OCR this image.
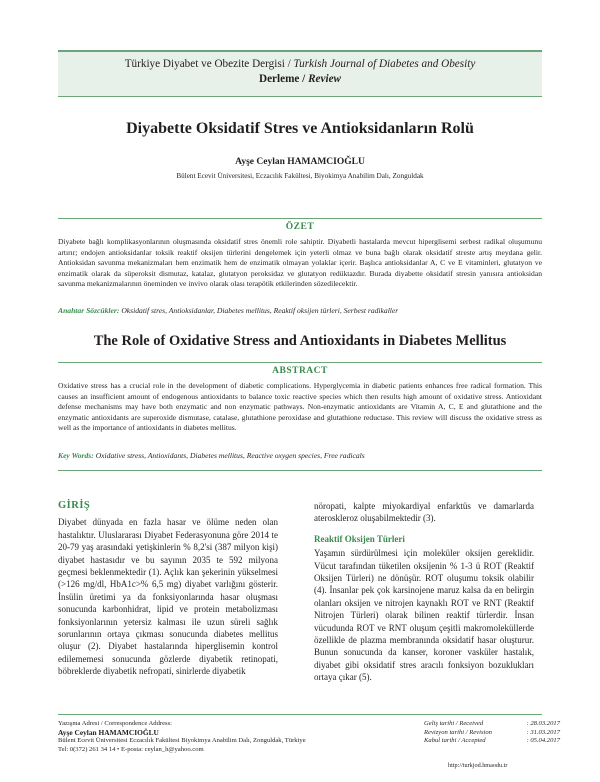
Türkiye Diyabet ve Obezite Dergisi / Turkish Journal of Diabetes and Obesity
Derleme / Review
Diyabette Oksidatif Stres ve Antioksidanların Rolü
Ayşe Ceylan HAMAMCIOĞLU
Bülent Ecevit Üniversitesi, Eczacılık Fakültesi, Biyokimya Anabilim Dalı, Zonguldak
ÖZET
Diyabete bağlı komplikasyonlarının oluşmasında oksidatif stres önemli role sahiptir. Diyabetli hastalarda mevcut hiperglisemi serbest radikal oluşumunu artırır; endojen antioksidanlar toksik reaktif oksijen türlerini dengelemek için yeterli olmaz ve buna bağlı olarak oksidatif streste artış meydana gelir. Antioksidan savunma mekanizmaları hem enzimatik hem de enzimatik olmayan yolaklar içerir. Başlıca antioksidanlar A, C ve E vitaminleri, glutatyon ve enzimatik olarak da süperoksit dismutaz, katalaz, glutatyon peroksidaz ve glutatyon redüktazdır. Burada diyabette oksidatif stresin yanısıra antioksidan savunma mekanizmalarının öneminden ve invivo olarak olası terapötik etkilerinden sözedilecektir.
Anahtar Sözcükler: Oksidatif stres, Antioksidanlar, Diabetes mellitus, Reaktif oksijen türleri, Serbest radikaller
The Role of Oxidative Stress and Antioxidants in Diabetes Mellitus
ABSTRACT
Oxidative stress has a crucial role in the development of diabetic complications. Hyperglycemia in diabetic patients enhances free radical formation. This causes an insufficient amount of endogenous antioxidants to balance toxic reactive species which then results high amount of oxidative stress. Antioxidant defense mechanisms may have both enzymatic and non enzymatic pathways. Non-enzymatic antioxidants are Vitamin A, C, E and glutathione and the enzymatic antioxidants are superoxide dismutase, catalase, glutathione peroxidase and glutathione reductase. This review will discuss the oxidative stress as well as the importance of antioxidants in diabetes mellitus.
Key Words: Oxidative stress, Antioxidants, Diabetes mellitus, Reactive oxygen species, Free radicals
GİRİŞ

Diyabet dünyada en fazla hasar ve ölüme neden olan hastalıktır. Uluslararası Diyabet Federasyonuna göre 2014 te 20-79 yaş arasındaki yetişkinlerin % 8,2'si (387 milyon kişi) diyabet hastasıdır ve bu sayının 2035 te 592 milyona geçmesi beklenmektedir (1). Açlık kan şekerinin yükselmesi (>126 mg/dl, HbA1c>% 6,5 mg) diyabet varlığını gösterir. İnsülin üretimi ya da fonksiyonlarında hasar oluşması sonucunda karbonhidrat, lipid ve protein metabolizması fonksiyonlarının yetersiz kalması ile uzun süreli sağlık sorunlarının ortaya çıkması sonucunda diabetes mellitus oluşur (2). Diyabet hastalarında hiperglisemin kontrol edilememesi sonucunda gözlerde diyabetik retinopati, böbreklerde diyabetik nefropati, sinirlerde diyabetik

nöropati, kalpte miyokardiyal enfarktüs ve damarlarda ateroskleroz oluşabilmektedir (3).

Reaktif Oksijen Türleri

Yaşamın sürdürülmesi için moleküler oksijen gereklidir. Vücut tarafından tüketilen oksijenin % 1-3 ü ROT (Reaktif Oksijen Türleri) ne dönüşür. ROT oluşumu toksik olabilir (4). İnsanlar pek çok karsinojene maruz kalsa da en belirgin olanları oksijen ve nitrojen kaynaklı ROT ve RNT (Reaktif Nitrojen Türleri) olarak bilinen reaktif türlerdir. İnsan vücudunda ROT ve RNT oluşum çeşitli makromoleküllerde özellikle de plazma membranında oksidatif hasar oluşturur. Bunun sonucunda da kanser, koroner vasküler hastalık, diyabet gibi oksidatif stres aracılı fonksiyon bozuklukları ortaya çıkar (5).

Yazışma Adresi / Correspondence Address:
Ayşe Ceylan HAMAMCIOĞLU
Bülent Ecevit Üniversitesi Eczacılık Fakültesi Biyokimya Anabilim Dalı, Zonguldak, Türkiye
Tel: 0(372) 261 34 14 • E-posta: ceylan_h@yahoo.com
Geliş tarihi / Received	: 28.03.2017
Revizyon tarihi / Revision	: 31.03.2017
Kabul tarihi / Accepted	: 05.04.2017
http://turkjod.hmaodu.tr
